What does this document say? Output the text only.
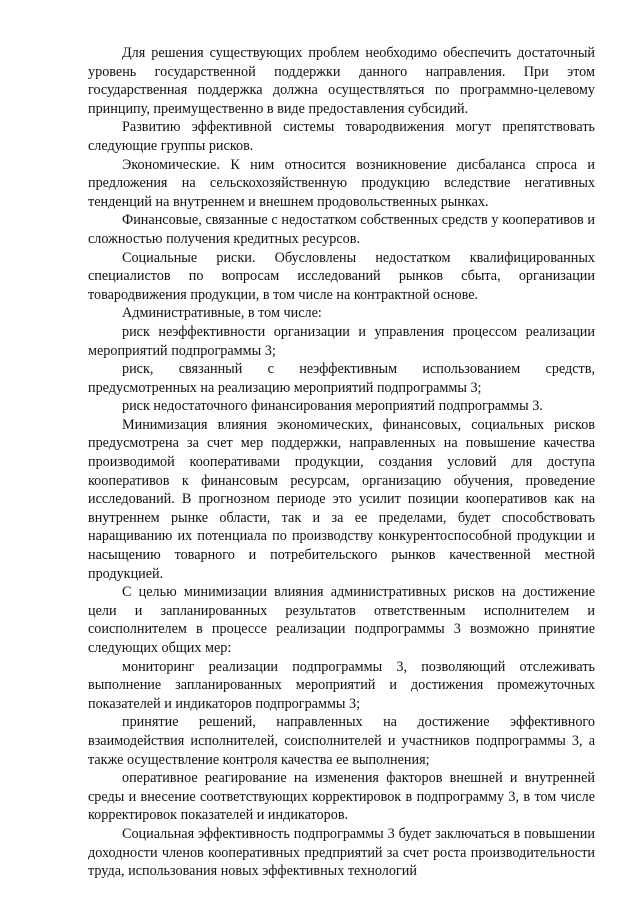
Для решения существующих проблем необходимо обеспечить достаточный уровень государственной поддержки данного направления. При этом государственная поддержка должна осуществляться по программно-целевому принципу, преимущественно в виде предоставления субсидий.

Развитию эффективной системы товародвижения могут препятствовать следующие группы рисков.

Экономические. К ним относится возникновение дисбаланса спроса и предложения на сельскохозяйственную продукцию вследствие негативных тенденций на внутреннем и внешнем продовольственных рынках.

Финансовые, связанные с недостатком собственных средств у кооперативов и сложностью получения кредитных ресурсов.

Социальные риски. Обусловлены недостатком квалифицированных специалистов по вопросам исследований рынков сбыта, организации товародвижения продукции, в том числе на контрактной основе.

Административные, в том числе:

риск неэффективности организации и управления процессом реализации мероприятий подпрограммы 3;

риск, связанный с неэффективным использованием средств, предусмотренных на реализацию мероприятий подпрограммы 3;

риск недостаточного финансирования мероприятий подпрограммы 3.

Минимизация влияния экономических, финансовых, социальных рисков предусмотрена за счет мер поддержки, направленных на повышение качества производимой кооперативами продукции, создания условий для доступа кооперативов к финансовым ресурсам, организацию обучения, проведение исследований. В прогнозном периоде это усилит позиции кооперативов как на внутреннем рынке области, так и за ее пределами, будет способствовать наращиванию их потенциала по производству конкурентоспособной продукции и насыщению товарного и потребительского рынков качественной местной продукцией.

С целью минимизации влияния административных рисков на достижение цели и запланированных результатов ответственным исполнителем и соисполнителем в процессе реализации подпрограммы 3 возможно принятие следующих общих мер:

мониторинг реализации подпрограммы 3, позволяющий отслеживать выполнение запланированных мероприятий и достижения промежуточных показателей и индикаторов подпрограммы 3;

принятие решений, направленных на достижение эффективного взаимодействия исполнителей, соисполнителей и участников подпрограммы 3, а также осуществление контроля качества ее выполнения;

оперативное реагирование на изменения факторов внешней и внутренней среды и внесение соответствующих корректировок в подпрограмму 3, в том числе корректировок показателей и индикаторов.

Социальная эффективность подпрограммы 3 будет заключаться в повышении доходности членов кооперативных предприятий за счет роста производительности труда, использования новых эффективных технологий
